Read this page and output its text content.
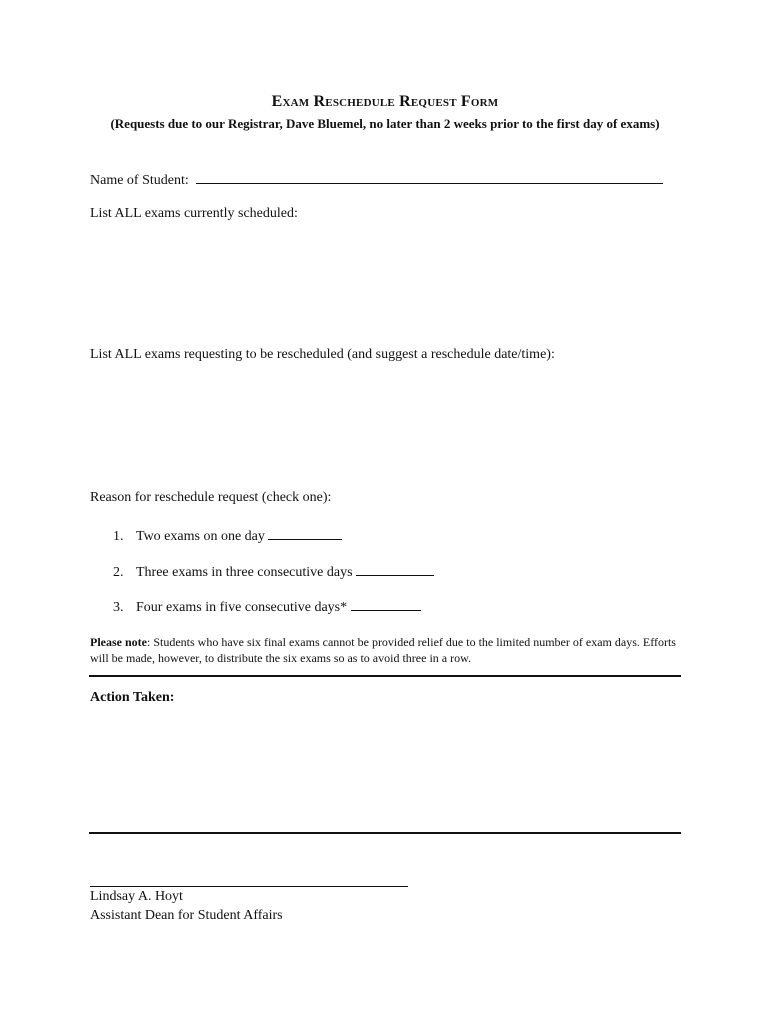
Exam Reschedule Request Form
(Requests due to our Registrar, Dave Bluemel, no later than 2 weeks prior to the first day of exams)
Name of Student:
List ALL exams currently scheduled:
List ALL exams requesting to be rescheduled (and suggest a reschedule date/time):
Reason for reschedule request (check one):
1. Two exams on one day
2. Three exams in three consecutive days
3. Four exams in five consecutive days*
Please note: Students who have six final exams cannot be provided relief due to the limited number of exam days. Efforts will be made, however, to distribute the six exams so as to avoid three in a row.
Action Taken:
Lindsay A. Hoyt
Assistant Dean for Student Affairs
